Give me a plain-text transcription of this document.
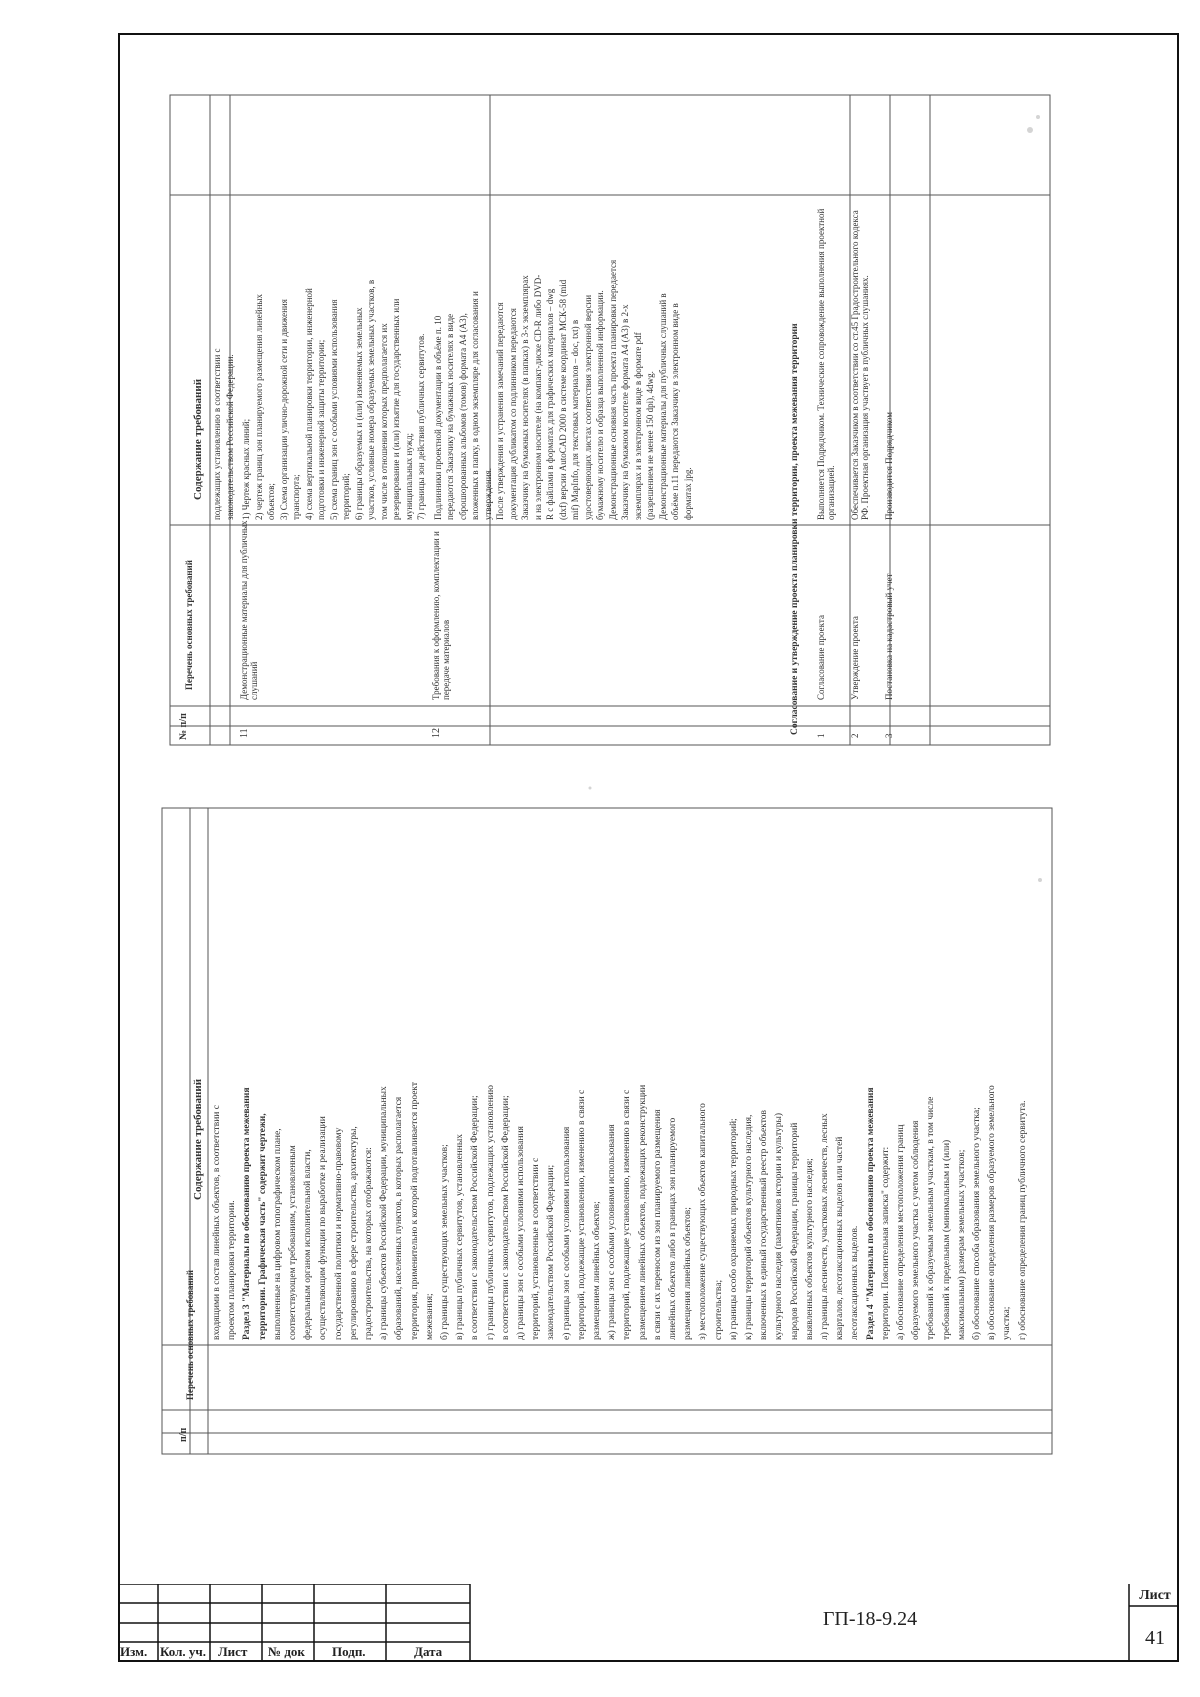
п/п
Перечень основных требований
Содержание требований входящими в состав линейных объектов, в соответствии с проектом планировки территории. Раздел 3 "Материалы по обоснованию проекта межевания территории. Графическая часть" содержит чертежи, выполненные на цифровом топографическом плане, соответствующем требованиям, установленным федеральным органом исполнительной власти, осуществляющим функции по выработке и реализации государственной политики и нормативно-правовому регулированию в сфере строительства, архитектуры, градостроительства, на которых отображаются: а) границы субъектов Российской Федерации, муниципальных образований, населенных пунктов, в которых располагается территория, применительно к которой подготавливается проект межевания; б) границы существующих земельных участков; в) границы публичных сервитутов, установленных в соответствии с законодательством Российской Федерации; г) границы публичных сервитутов, подлежащих установлению в соответствии с законодательством Российской Федерации; д) границы зон с особыми условиями использования территорий, установленные в соответствии с законодательством Российской Федерации; е) границы зон с особыми условиями использования территорий, подлежащие установлению, изменению в связи с размещением линейных объектов; ж) границы зон с особыми условиями использования территорий, подлежащие установлению, изменению в связи с размещением линейных объектов, подлежащих реконструкции в связи с их переносом из зон планируемого размещения линейных объектов либо в границах зон планируемого размещения линейных объектов; з) местоположение существующих объектов капитального строительства; и) границы особо охраняемых природных территорий; к) границы территорий объектов культурного наследия, включенных в единый государственный реестр объектов культурного наследия (памятников истории и культуры) народов Российской Федерации, границы территорий выявленных объектов культурного наследия; л) границы лесничеств, участковых лесничеств, лесных кварталов, лесотаксационных выделов или частей лесотаксационных выделов. Раздел 4 "Материалы по обоснованию проекта межевания территории. Пояснительная записка" содержит: а) обоснование определения местоположения границ образуемого земельного участка с учетом соблюдения требований к образуемым земельным участкам, в том числе требований к предельным (минимальным и (или) максимальным) размерам земельных участков; б) обоснование способа образования земельного участка; в) обоснование определения размеров образуемого земельного участка; г) обоснование определения границ публичного сервитута.
№ п/п
Перечень основных требований
Содержание требований подлежащих установлению в соответствии с законодательством Российской Федерации.
11
Демонстрационные материалы для публичных слушаний
1) Чертеж красных линий; 2) чертеж границ зон планируемого размещения линейных объектов; 3) Схема организации улично-дорожной сети и движения транспорта; 4) схема вертикальной планировки территории, инженерной подготовки и инженерной защиты территории; 5) схема границ зон с особыми условиями использования территорий; 6) границы образуемых и (или) изменяемых земельных участков, условные номера образуемых земельных участков, в том числе в отношении которых предполагается их резервирование и (или) изъятие для государственных или муниципальных нужд; 7) границы зон действия публичных сервитутов.
12
Требования к оформлению, комплектации и передаче материалов
Подлинники проектной документации в объёме п. 10 передаются Заказчику на бумажных носителях в виде сброшюрованных альбомов (томов) формата А4 (А3), вложенных в папку, в одном экземпляре для согласования и утверждения. После утверждения и устранения замечаний передаются документация дубликатом со подлинником передаются Заказчику на бумажных носителях (в папках) в 3-х экземплярах и на электронном носителе (на компакт-диске CD-R либо DVD- R с файлами в форматах для графических материалов – dwg (dxf) версии AutoCAD 2000 в системе координат МСК-58 (mid mif) MapInfo, для текстовых материалов – doc, txt) в удостоверяющих листах соответствия электронной версии бумажному носителю и образца выполненной информации. Демонстрационные основная часть проекта планировки передается Заказчику на бумажном носителе формата А4 (А3) в 2-х экземплярах и в электронном виде в формате pdf (разрешением не менее 150 dpi), 4dwg. Демонстрационные материалы для публичных слушаний в объёме п.11 передаются Заказчику в электронном виде в форматах jpg.	Согласование и утверждение проекта планировки территории, проекта межевания территории
1
Согласование проекта
Выполняется Подрядчиком. Технические сопровождение выполнения проектной организацией.
2
Утверждение проекта
Обеспечивается Заказчиком в соответствии со ст.45 Градостроительного кодекса РФ. Проектная организация участвует в публичных слушаниях.
3
Постановка на кадастровый учет
Производится Подрядчиком
Изм. Кол. уч. Лист № док Подп.	Дата
ГП-18-9.24
Лист
41
